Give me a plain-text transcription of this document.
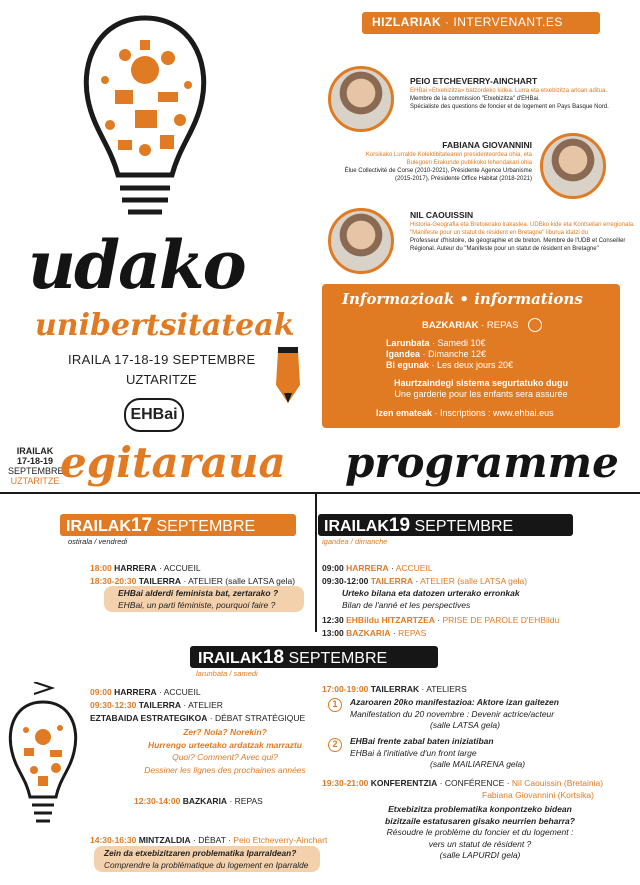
HIZLARIAK · INTERVENANT.ES
PEIO ETCHEVERRY-AINCHART
EHBai «Etxebizitza» batzordeko kidea. Lurra eta etxebizitza arloan aditua.
Membre de la commission "Etxebizitza" d'EHBai.
Spécialiste des questions de foncier et de logement en Pays Basque Nord.
FABIANA GIOVANNINI
Korsikako Lurralde Kolektibitatearen presidenteordea ohia, eta Bulegoen Erakunde publikoko lehendakari ohia
Élue Collectivité de Corse (2010-2021), Présidente Agence Urbanisme (2015-2017), Présidente Office Habitat (2018-2021)
NIL CAOUISSIN
Historia-Geografia eta Bretoierako irakaslea. UDBko kide eta Kontseilari erregionala. "Manifeste pour un statut de résident en Bretagne" liburua idatzi du
Professeur d'histoire, de géographie et de breton. Membre de l'UDB et Conseiller Régional. Auteur du "Manifeste pour un statut de résident en Bretagne"
udako
unibertsitateak
IRAILA 17-18-19 SEPTEMBRE
UZTARITZE
EHBai
Informazioak • informations
BAZKARIAK · REPAS
Larunbata · Samedi 10€
Igandea · Dimanche 12€
Bi egunak · Les deux jours 20€
Haurtzaindegi sistema segurtatuko dugu
Une garderie pour les enfants sera assurée
Izen emateak · Inscriptions : www.ehbai.eus
IRAILAK
17-18-19
SEPTEMBRE
UZTARITZE egitaraua programme
IRAILAK17 SEPTEMBRE
ostirala / vendredi
18:00 HARRERA · ACCUEIL
18:30-20:30 TAILERRA · ATELIER (salle LATSA gela)
EHBai alderdi feminista bat, zertarako ?
EHBai, un parti féministe, pourquoi faire ?
IRAILAK19 SEPTEMBRE
igandea / dimanche
09:00 HARRERA · ACCUEIL
09:30-12:00 TAILERRA · ATELIER (salle LATSA gela)
Urteko bilana eta datozen urterako erronkak
Bilan de l'anné et les perspectives
12:30 EHBildu HITZARTZEA · PRISE DE PAROLE D'EHBildu
13:00 BAZKARIA · REPAS
IRAILAK18 SEPTEMBRE
larunbata / samedi
09:00 HARRERA · ACCUEIL
09:30-12:30 TAILERRA · ATELIER
EZTABAIDA ESTRATEGIKOA · DÉBAT STRATÉGIQUE
Zer? Nola? Norekin?
Hurrengo urteetako ardatzak marraztu
Quoi? Comment? Avec qui?
Dessiner les lignes des prochaines années
12:30-14:00 BAZKARIA · REPAS
14:30-16:30 MINTZALDIA · DÉBAT · Peio Etcheverry-Ainchart
Zein da etxebizitzaren problematika Iparraldean?
Comprendre la problématique du logement en Iparralde
17:00-19:00 TAILERRAK · ATELIERS
1	Azaroaren 20ko manifestazioa: Aktore izan gaitezen
Manifestation du 20 novembre : Devenir actrice/acteur
(salle LATSA gela)
2	EHBai frente zabal baten iniziatiban
EHBai à l'initiative d'un front large
(salle MAILIARENA gela)
19:30-21:00 KONFERENTZIA · CONFÉRENCE · Nil Caouissin (Bretainia)
Fabiana Giovannini (Kortsika)
Etxebizitza problematika konpontzeko bidean
bizitzaile estatusaren gisako neurrien beharra?
Résoudre le problème du foncier et du logement :
vers un statut de résident ?
(salle LAPURDI gela)
